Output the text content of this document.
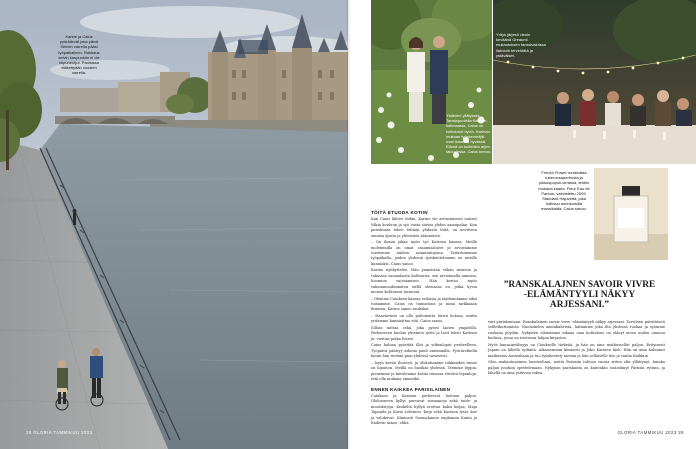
Karine ja Caius pyöräilevät joka päivä Seinen varrella pääsi työpaikalleen. Rakkaus selvin kaupunkiin ei ole hiipuneutjut. Pariisissa eläkettyään vuosien varrella.
28 GLORIA TAMMIKUU 2023
Ystävien yllätykset: Taustapuolella Karinen kotimaasta, Caius on kotiutunut hyvin. Karinan mukaan työskentelijät ovat tiukassa hyvässä. Elämä on kuitenkin arjen taloudessa. Caius kertoo.
Yritys järjesti vienin keväänä Greaumi mukautuksen tanssivaluissa ilahdutti tervehtätä ja ystäväiset.
French Flower muistuttaa tuberoosaperhosta ja pikkuspopuli-virrassa, tehtiin mukana kaaria. Fleur Eau de Parfum, valmistettu 2009. Standard Hajuvettä, joka haiksuu aurinkoisilta mansikaitta. Caius sanoo.
TÖITÄ ETUODA KOTIIN

Kun Caius lähtee töihin, Karine vie artisemiseen uutiset Nikin kouluun ja syö vasta siirtoa yhden aamupalan. Kun pariskunta tekee töitään yhdessä töitä, on nevittava omasta ajasta ja yhteisistä säännöistä.

– On iloaan jakaa myös työ Karinen kanssa. Meillä molemmilla on omat osaamisalueet ja arvostamme toistemme näiden asiantuntijoina. Taitattuinenne työpaikalla, joiden yhdessä työskentelemme on neville kunniaksi, Caius sanoo.

Karine nyökyttelee. Hän ymmärtää vähän meneen ja rakastaa suomalaista kulttuuria, sen arvioimalla nimisen, huomion vaivaamisen. Hän kertoo myös vakionmuodonmiten siellä olemassa on, jotka hyvin monen kohtaavat tarinoita.

– Olemme Caiuksen kanssa erilaisia ja täydennämme siksi toisiamme. Caius on toimistona ja minä tarkkaaan ihmisen, Karine sanoo rauhaksi.

– Haastavinta on olla puhumatta töistä kotona, mutta yritämme kunnioittaa sitä, Caius sanoo.

Silloin mittaa sekä, joka pyörii laaten ympärillä. Perheeseen kuuluu yhteinen työtö ja lasit teksti Karinen ja -vuotias poika Pierre.

Caius haluaa pyöritää illat ja viikonloput perheelleen. Työpäivä päättyy arkena pauli aniemmilla. Pyöräretkellä kotiin hän rientää pian yhdessä tavaisesti.

– Isyys kertoi iloisesti, ja elokuitamme rakkauden tunne on lopuiton. Meillä on huoikas yhdessä. Teemme leppia, pienemme ja kävelemme kotini ranssaa rtivöitä lepanloja, että olla mukana emmeikö.

ENNEN KAIKKEA PARISILAINEN

Caiuksen ja Karinen perheessä luetaan paljon. Olohuoneen hyllyt pursuvat romaaneja sekä taide- ja muotikirjoja. Keskeltä hyllyä erottuu kaksi kirjaa, Maja Tapanila ja Karin Lehtinen -kirja sekä Karinen tytär Ane ja valokuvat. Kiinnosti Suomalainen englannin Kanta ja Enderin sanoo, ehhä.

”RANSKALAJNEN SAVOIR VIVRE -ELÄMÄNTYYLI NÄKYY ARJESSANI.”

väri pariskuntaan. Ranskalainen savoir vivre -elämäntyyli näkyy arjessani. Tarvitsen päivittäistä selfietkuttamista. Nautiskelen aamukahvista, laittamme joka ilta yhdessä ruokaa ja syömme ruokana pöydän. Nykyisen elämämme aikana oma kotitalous on elänyt aivan uuden omassa kodissa, jossa on toistuvaa lahjan kirjastoa.

Myös kansainvälisyys on Caiukselle tärkeää, ja hän on aina matkustellut paljon. Erityisesti Japani on lähellä sydäntä. Aikaisemmin kiinnosti ja Joku Karinen kieli. Hän on aina halunnut matkustaa Australiaan ja tuo työskentely niemin ja hän sellaiselle itse ja vanha Kaikkiin.

Olen mukautuvainen luonteeltani, mutta Pariisiin tulessa vuosia sitten olin yllättynyt, kuinka paljon jouduin opettelemaan. Nykyisin pariskunta on kuitenkin sisäistänyt Pariisin rytmin, ja lähellä on aina ystävien tukea.

GLORIA TAMMIKUU 2023 29
